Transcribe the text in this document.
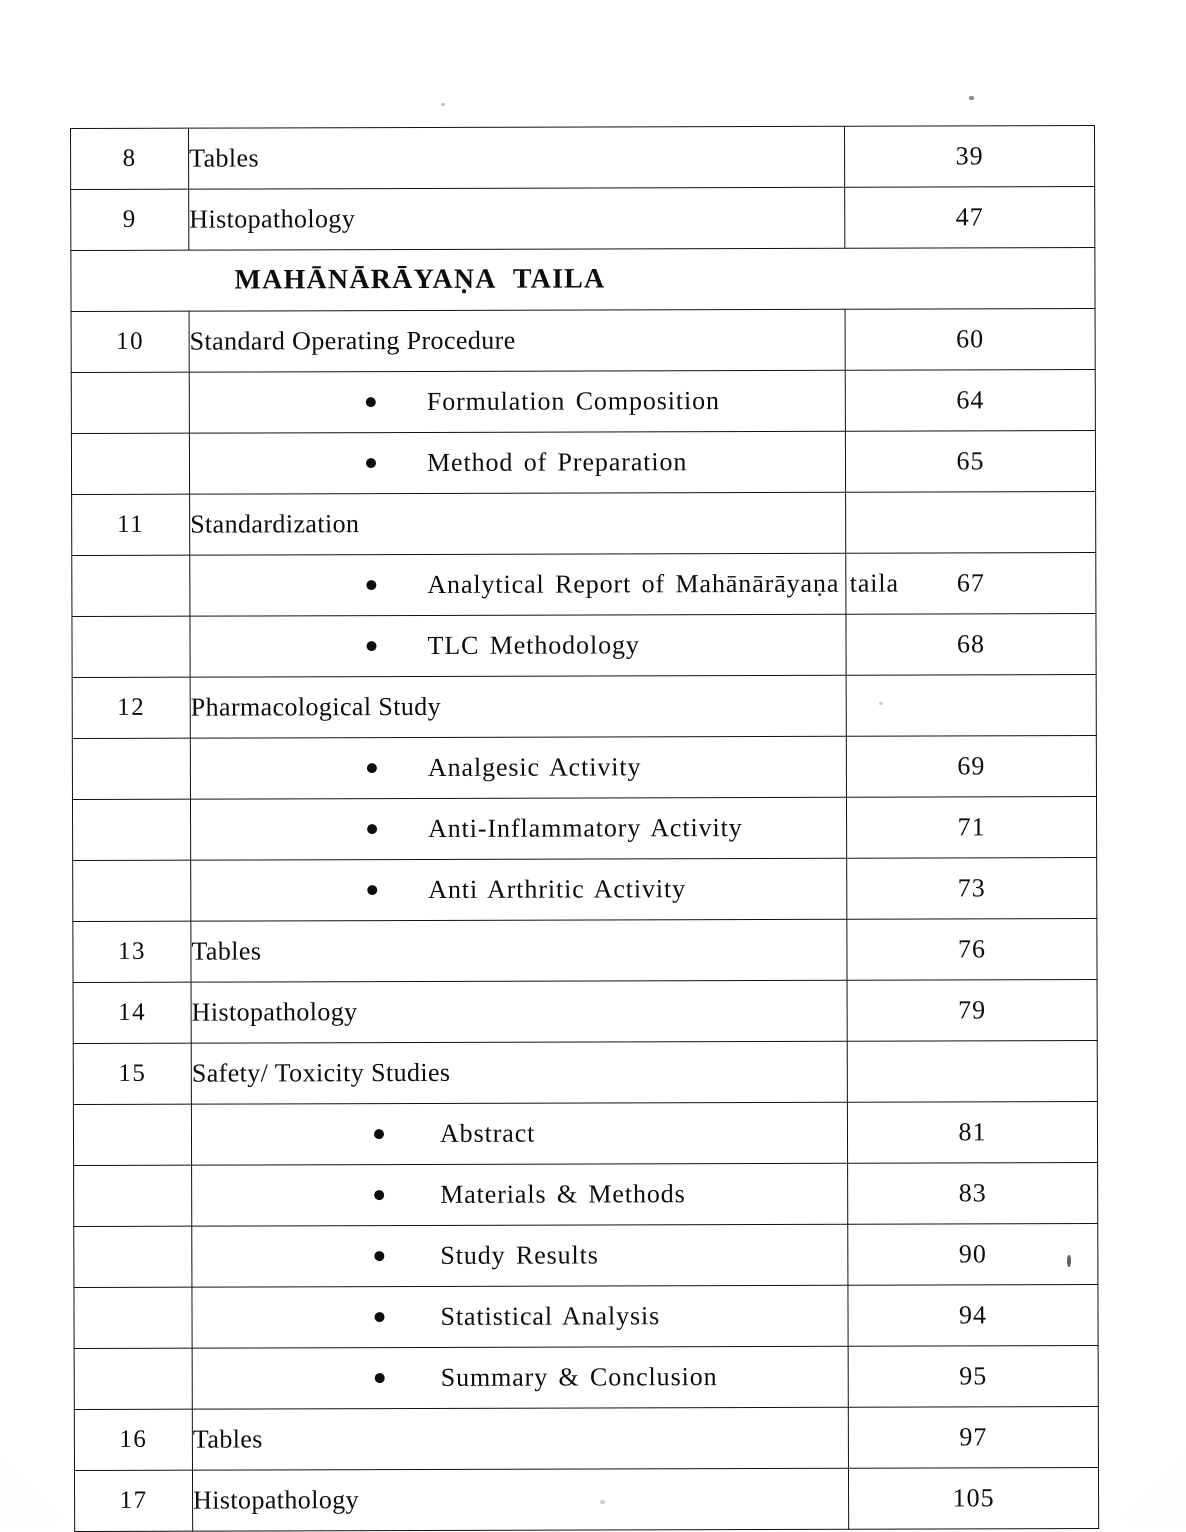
8	Tables	39
9	Histopathology	47

MAHĀNĀRĀYAṆA TAILA		

10	Standard Operating Procedure	60

	Formulation Composition	64

	Method of Preparation	65
11	Standardization	

	Analytical Report of Mahānārāyaṇa taila	67

	TLC Methodology	68
12	Pharmacological Study	

	Analgesic Activity	69

	Anti-Inflammatory Activity	71

	Anti Arthritic Activity	73
13	Tables	76
14	Histopathology	79
15	Safety/ Toxicity Studies	

	Abstract	81

	Materials & Methods	83

	Study Results	90

	Statistical Analysis	94

	Summary & Conclusion	95
16	Tables	97
17	Histopathology	105
